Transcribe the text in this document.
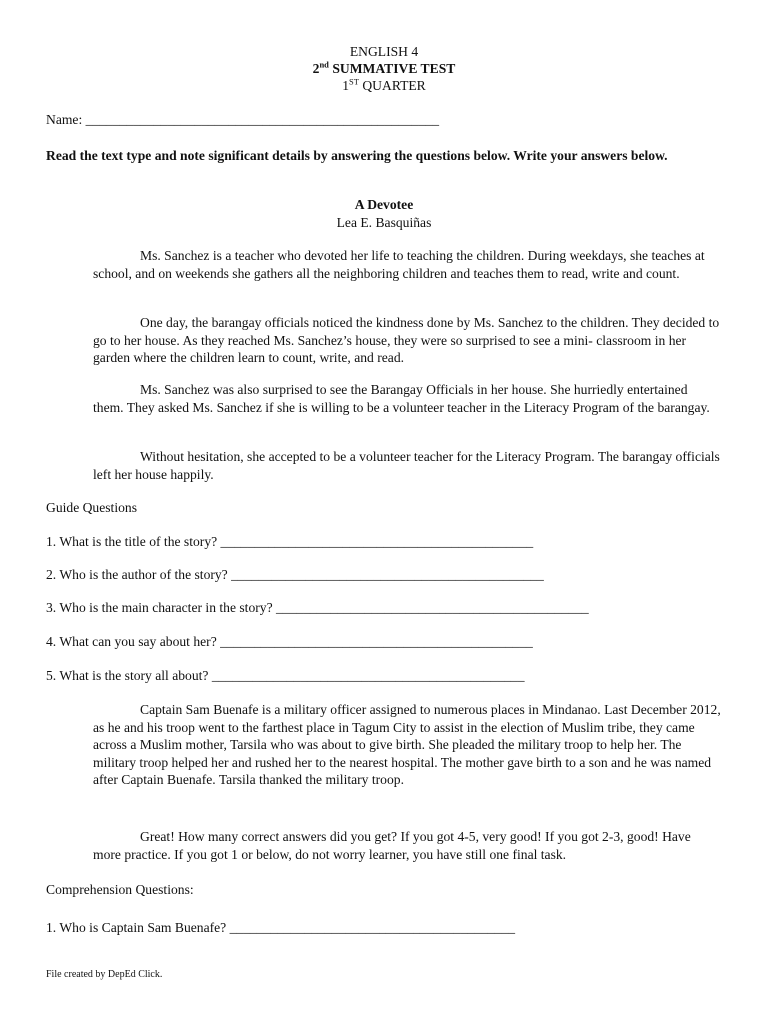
ENGLISH 4
2nd SUMMATIVE TEST
1ST QUARTER
Name: ____________________________________________________
Read the text type and note significant details by answering the questions below. Write your answers below.
A Devotee
Lea E. Basquiñas
Ms. Sanchez is a teacher who devoted her life to teaching the children. During weekdays, she teaches at school, and on weekends she gathers all the neighboring children and teaches them to read, write and count.
One day, the barangay officials noticed the kindness done by Ms. Sanchez to the children. They decided to go to her house. As they reached Ms. Sanchez’s house, they were so surprised to see a mini- classroom in her garden where the children learn to count, write, and read.
Ms. Sanchez was also surprised to see the Barangay Officials in her house. She hurriedly entertained them. They asked Ms. Sanchez if she is willing to be a volunteer teacher in the Literacy Program of the barangay.
Without hesitation, she accepted to be a volunteer teacher for the Literacy Program. The barangay officials left her house happily.
Guide Questions
1. What is the title of the story? ______________________________________________
2. Who is the author of the story? ______________________________________________
3. Who is the main character in the story? ______________________________________________
4. What can you say about her? ______________________________________________
5. What is the story all about? ______________________________________________
Captain Sam Buenafe is a military officer assigned to numerous places in Mindanao. Last December 2012, as he and his troop went to the farthest place in Tagum City to assist in the election of Muslim tribe, they came across a Muslim mother, Tarsila who was about to give birth. She pleaded the military troop to help her. The military troop helped her and rushed her to the nearest hospital. The mother gave birth to a son and he was named after Captain Buenafe. Tarsila thanked the military troop.
Great! How many correct answers did you get? If you got 4-5, very good! If you got 2-3, good! Have more practice. If you got 1 or below, do not worry learner, you have still one final task.
Comprehension Questions:
1. Who is Captain Sam Buenafe? __________________________________________
File created by DepEd Click.
